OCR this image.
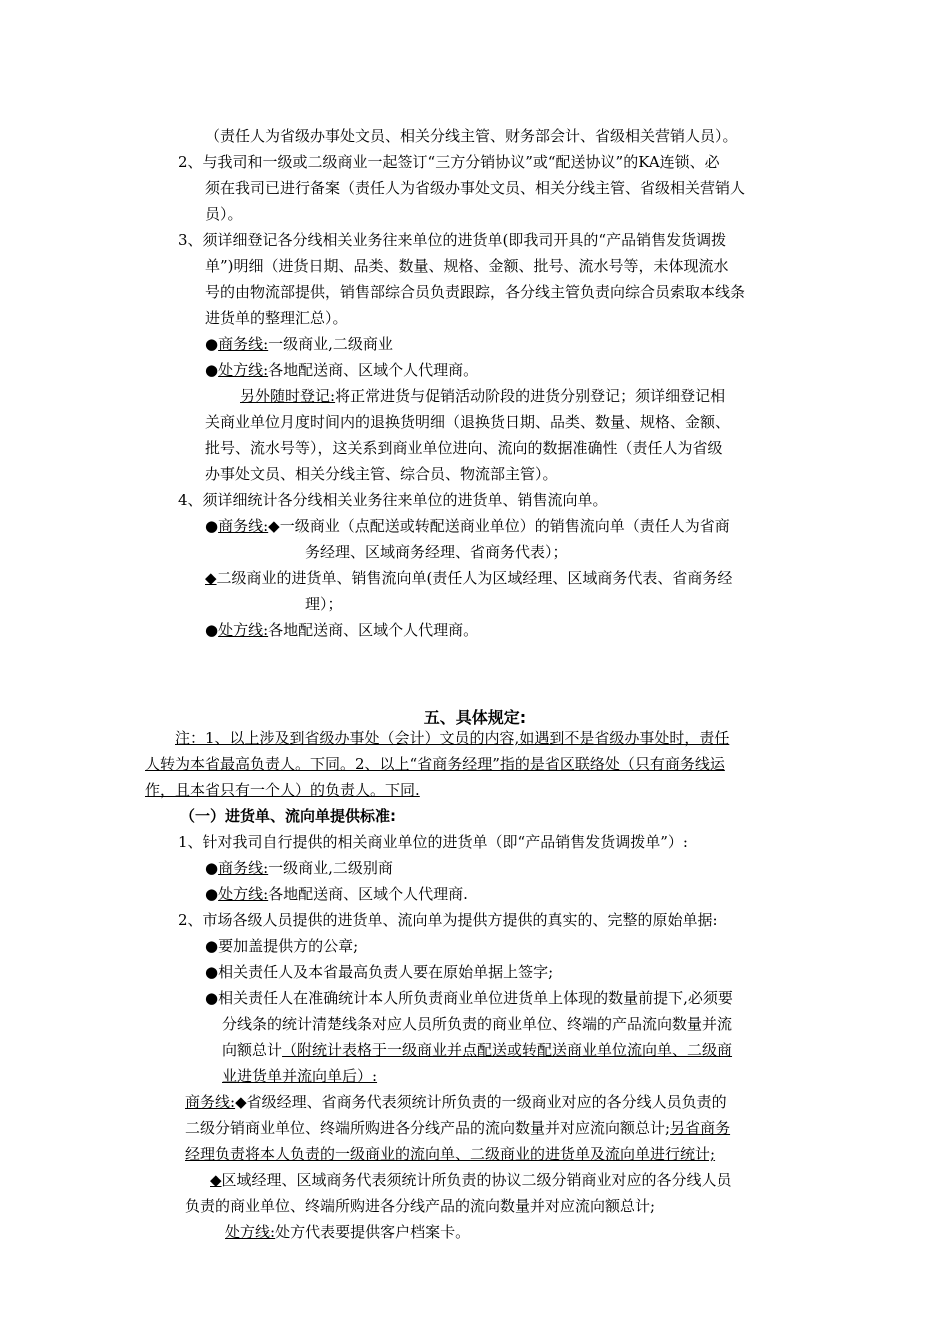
（责任人为省级办事处文员、相关分线主管、财务部会计、省级相关营销人员）。
2、与我司和一级或二级商业一起签订“三方分销协议”或“配送协议”的KA连锁、必
须在我司已进行备案（责任人为省级办事处文员、相关分线主管、省级相关营销人
员）。
3、须详细登记各分线相关业务往来单位的进货单(即我司开具的“产品销售发货调拨
单”)明细（进货日期、品类、数量、规格、金额、批号、流水号等，未体现流水
号的由物流部提供，销售部综合员负责跟踪，各分线主管负责向综合员索取本线条
进货单的整理汇总）。
●商务线:一级商业,二级商业
●处方线:各地配送商、区域个人代理商。
另外随时登记:将正常进货与促销活动阶段的进货分别登记；须详细登记相
关商业单位月度时间内的退换货明细（退换货日期、品类、数量、规格、金额、
批号、流水号等），这关系到商业单位进向、流向的数据准确性（责任人为省级
办事处文员、相关分线主管、综合员、物流部主管）。
4、须详细统计各分线相关业务往来单位的进货单、销售流向单。
●商务线:◆一级商业（点配送或转配送商业单位）的销售流向单（责任人为省商
务经理、区域商务经理、省商务代表）；
◆二级商业的进货单、销售流向单(责任人为区域经理、区域商务代表、省商务经
理）；
●处方线:各地配送商、区域个人代理商。
五、具体规定:
注：1、以上涉及到省级办事处（会计）文员的内容,如遇到不是省级办事处时，责任
人转为本省最高负责人。下同。2、以上“省商务经理”指的是省区联络处（只有商务线运
作，且本省只有一个人）的负责人。下同.
（一）进货单、流向单提供标准:
1、针对我司自行提供的相关商业单位的进货单（即“产品销售发货调拨单”）:
●商务线:一级商业,二级别商
●处方线:各地配送商、区域个人代理商.
2、市场各级人员提供的进货单、流向单为提供方提供的真实的、完整的原始单据:
●要加盖提供方的公章;
●相关责任人及本省最高负责人要在原始单据上签字;
●相关责任人在准确统计本人所负责商业单位进货单上体现的数量前提下,必须要
分线条的统计清楚线条对应人员所负责的商业单位、终端的产品流向数量并流
向额总计（附统计表格于一级商业并点配送或转配送商业单位流向单、二级商
业进货单并流向单后）:
商务线:◆省级经理、省商务代表须统计所负责的一级商业对应的各分线人员负责的
二级分销商业单位、终端所购进各分线产品的流向数量并对应流向额总计;另省商务
经理负责将本人负责的一级商业的流向单、二级商业的进货单及流向单进行统计;
◆区域经理、区域商务代表须统计所负责的协议二级分销商业对应的各分线人员
负责的商业单位、终端所购进各分线产品的流向数量并对应流向额总计;
处方线:处方代表要提供客户档案卡。
